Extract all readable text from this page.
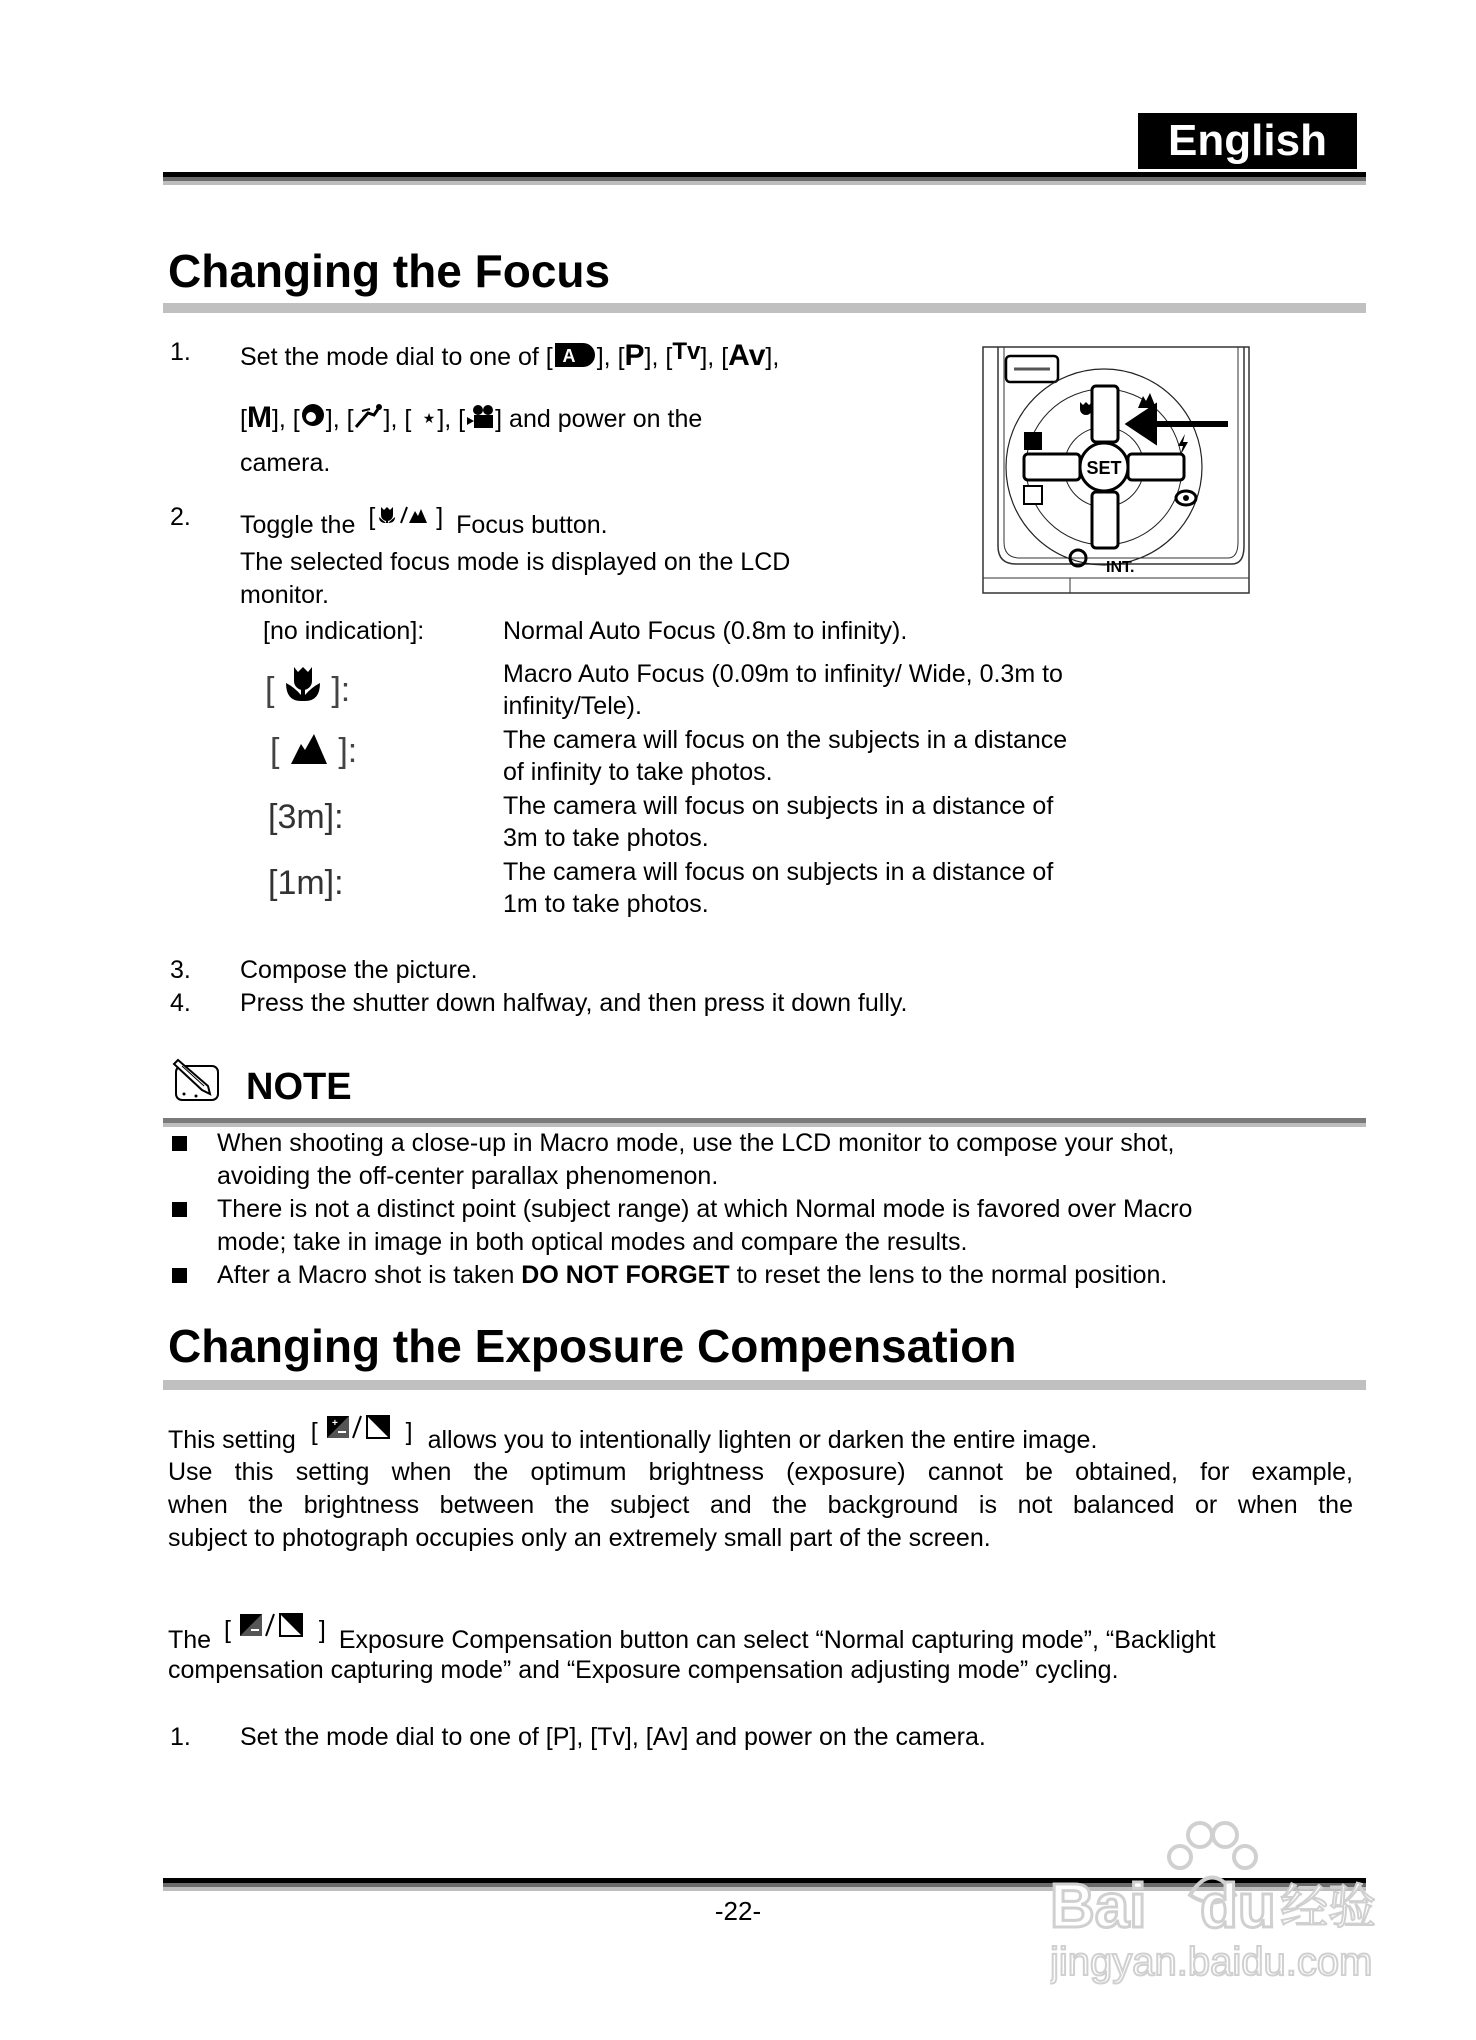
English
Changing the Focus
1. Set the mode dial to one of [ A ], [P], [Tv], [Av],
[M], [ ], [ ], [ ★ ], [ ] and power on the
camera.
2. Toggle the [ ] Focus button.
The selected focus mode is displayed on the LCD
monitor.
[no indication]:	Normal Auto Focus (0.8m to infinity).
[  ]:	Macro Auto Focus (0.09m to infinity/ Wide, 0.3m to
infinity/Tele).
[  ]:	The camera will focus on the subjects in a distance
of infinity to take photos.
[3m]:	The camera will focus on subjects in a distance of
3m to take photos.
[1m]:	The camera will focus on subjects in a distance of
1m to take photos.
3. Compose the picture.
4. Press the shutter down halfway, and then press it down fully.
SET
INT.
NOTE
When shooting a close-up in Macro mode, use the LCD monitor to compose your shot,
avoiding the off-center parallax phenomenon.
There is not a distinct point (subject range) at which Normal mode is favored over Macro
mode; take in image in both optical modes and compare the results.
After a Macro shot is taken DO NOT FORGET to reset the lens to the normal position.
Changing the Exposure Compensation
This setting [ + ] allows you to intentionally lighten or darken the entire image.
Use this setting when the optimum brightness (exposure) cannot be obtained, for example,
when the brightness between the subject and the background is not balanced or when the
subject to photograph occupies only an extremely small part of the screen.
The [	] Exposure Compensation button can select “Normal capturing mode”, “Backlight
compensation capturing mode” and “Exposure compensation adjusting mode” cycling.
1. Set the mode dial to one of [P], [Tv], [Av] and power on the camera.
-22-	Bai du 经验
jingyan.baidu.com
